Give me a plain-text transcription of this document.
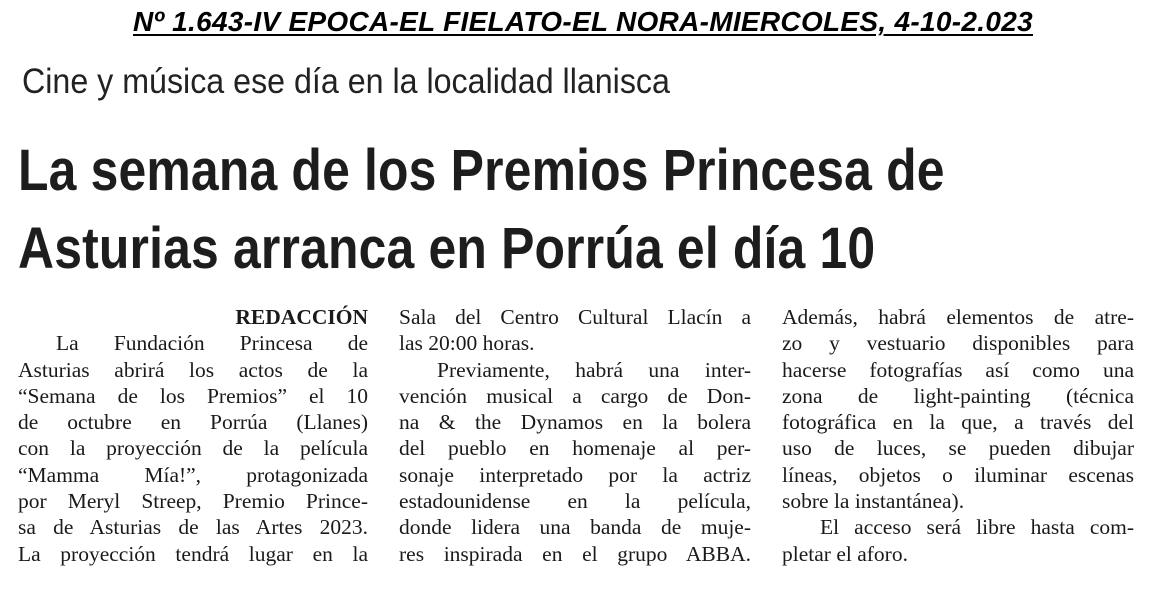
Nº 1.643-IV EPOCA-EL FIELATO-EL NORA-MIERCOLES, 4-10-2.023
Cine y música ese día en la localidad llanisca
La semana de los Premios Princesa de
Asturias arranca en Porrúa el día 10
REDACCIÓN
La Fundación Princesa de
Asturias abrirá los actos de la
“Semana de los Premios” el 10
de octubre en Porrúa (Llanes)
con la proyección de la película
“Mamma Mía!”, protagonizada
por Meryl Streep, Premio Prince-
sa de Asturias de las Artes 2023.
La proyección tendrá lugar en la
Sala del Centro Cultural Llacín a
las 20:00 horas.
Previamente, habrá una inter-
vención musical a cargo de Don-
na & the Dynamos en la bolera
del pueblo en homenaje al per-
sonaje interpretado por la actriz
estadounidense en la película,
donde lidera una banda de muje-
res inspirada en el grupo ABBA.
Además, habrá elementos de atre-
zo y vestuario disponibles para
hacerse fotografías así como una
zona de light-painting (técnica
fotográfica en la que, a través del
uso de luces, se pueden dibujar
líneas, objetos o iluminar escenas
sobre la instantánea).
El acceso será libre hasta com-
pletar el aforo.
